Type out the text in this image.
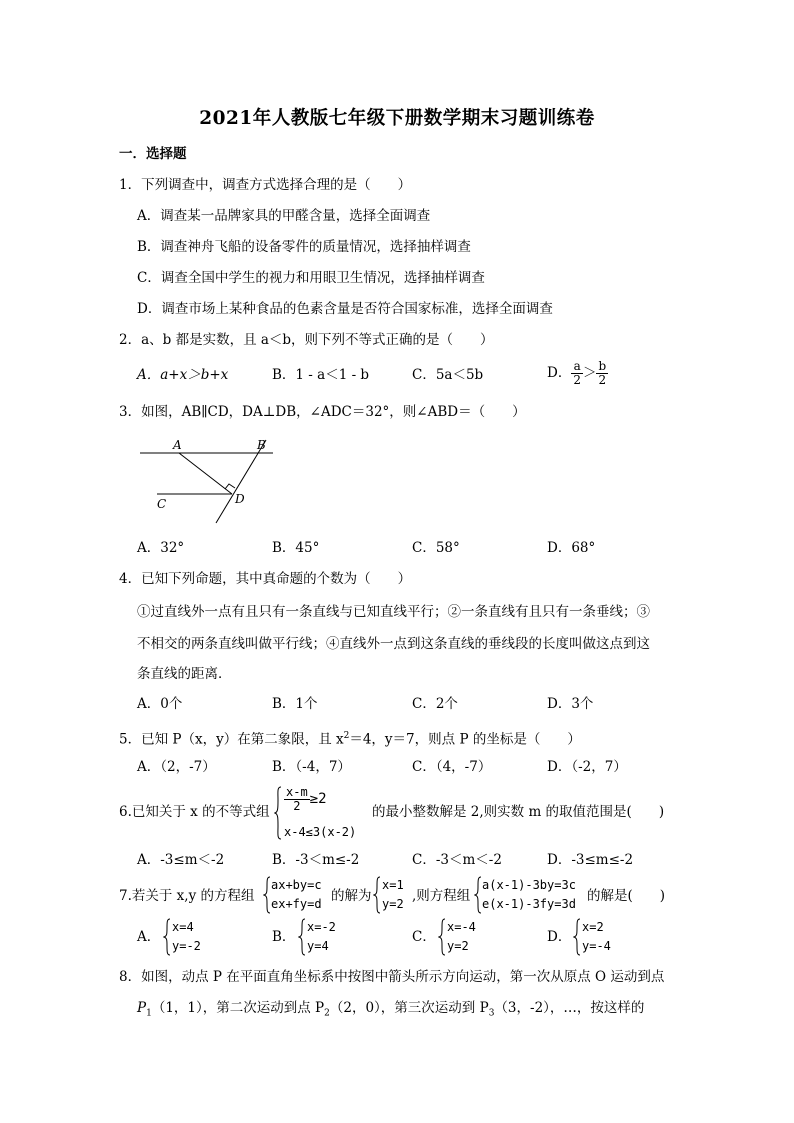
2021年人教版七年级下册数学期末习题训练卷
一．选择题
1．下列调查中，调查方式选择合理的是（　　）
A．调查某一品牌家具的甲醛含量，选择全面调查
B．调查神舟飞船的设备零件的质量情况，选择抽样调查
C．调查全国中学生的视力和用眼卫生情况，选择抽样调查
D．调查市场上某种食品的色素含量是否符合国家标准，选择全面调查
2．a、b 都是实数，且 a＜b，则下列不等式正确的是（　　）
A．a+x＞b+x	B．1 - a＜1 - b	C．5a＜5b	D． $\frac{a}{2} > \frac{b}{2}$
3．如图，AB∥CD，DA⊥DB，∠ADC＝32°，则∠ABD＝（　　）
A	B
C	D
A．32°	B．45°	C．58°	D．68°
4．已知下列命题，其中真命题的个数为（　　）
①过直线外一点有且只有一条直线与已知直线平行；②一条直线有且只有一条垂线；③
不相交的两条直线叫做平行线；④直线外一点到这条直线的垂线段的长度叫做这点到这
条直线的距离．
A．0个	B．1个	C．2个	D．3个
5．已知 P（x，y）在第二象限，且 $x^2=4$，y＝7，则点 P 的坐标是（　　）
A．（2，-7）	B．（-4，7）	C．（4，-7）	D．（-2，7）
6.已知关于 x 的不等式组 $\frac{x-m}{2} \ge 2$
x-4≤3(x-2)
的最小整数解是 2,则实数 m 的取值范围是(　　)
A．-3≤m＜-2	B．-3＜m≤-2	C．-3＜m＜-2	D．-3≤m≤-2
7.若关于 x,y 的方程组
ax+by=c
ex+fy=d 的解为
x=1
y=2 ,则方程组
a(x-1)-3by=3c
e(x-1)-3fy=3d 的解是(　　)
A．
x=4
y=-2
B．
x=-2
y=4
C．
x=-4
y=2
D．
x=2
y=-4
8．如图，动点 P 在平面直角坐标系中按图中箭头所示方向运动，第一次从原点 O 运动到点
$P_1(1$，1），第二次运动到点 $P_2(2$，0），第三次运动到 $P_3(3$，-2），…，按这样的
